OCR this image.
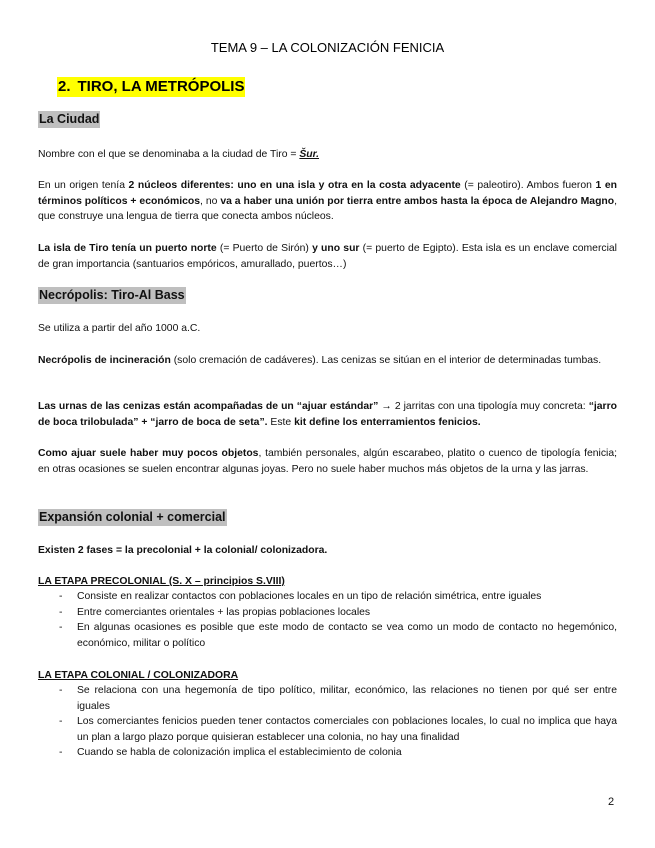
TEMA 9 – LA COLONIZACIÓN FENICIA
2. TIRO, LA METRÓPOLIS
La Ciudad
Nombre con el que se denominaba a la ciudad de Tiro = Šur.
En un origen tenía 2 núcleos diferentes: uno en una isla y otra en la costa adyacente (= paleotiro). Ambos fueron 1 en términos políticos + económicos, no va a haber una unión por tierra entre ambos hasta la época de Alejandro Magno, que construye una lengua de tierra que conecta ambos núcleos.
La isla de Tiro tenía un puerto norte (= Puerto de Sirón) y uno sur (= puerto de Egipto). Esta isla es un enclave comercial de gran importancia (santuarios empóricos, amurallado, puertos…)
Necrópolis: Tiro-Al Bass
Se utiliza a partir del año 1000 a.C.
Necrópolis de incineración (solo cremación de cadáveres). Las cenizas se sitúan en el interior de determinadas tumbas.
Las urnas de las cenizas están acompañadas de un “ajuar estándar” → 2 jarritas con una tipología muy concreta: “jarro de boca trilobulada” + “jarro de boca de seta”. Este kit define los enterramientos fenicios.
Como ajuar suele haber muy pocos objetos, también personales, algún escarabeo, platito o cuenco de tipología fenicia; en otras ocasiones se suelen encontrar algunas joyas. Pero no suele haber muchos más objetos de la urna y las jarras.
Expansión colonial + comercial
Existen 2 fases = la precolonial + la colonial/ colonizadora.
LA ETAPA PRECOLONIAL (S. X – principios S.VIII)
- Consiste en realizar contactos con poblaciones locales en un tipo de relación simétrica, entre iguales
- Entre comerciantes orientales + las propias poblaciones locales
- En algunas ocasiones es posible que este modo de contacto se vea como un modo de contacto no hegemónico, económico, militar o político
LA ETAPA COLONIAL / COLONIZADORA
- Se relaciona con una hegemonía de tipo político, militar, económico, las relaciones no tienen por qué ser entre iguales
- Los comerciantes fenicios pueden tener contactos comerciales con poblaciones locales, lo cual no implica que haya un plan a largo plazo porque quisieran establecer una colonia, no hay una finalidad
- Cuando se habla de colonización implica el establecimiento de colonia
2
